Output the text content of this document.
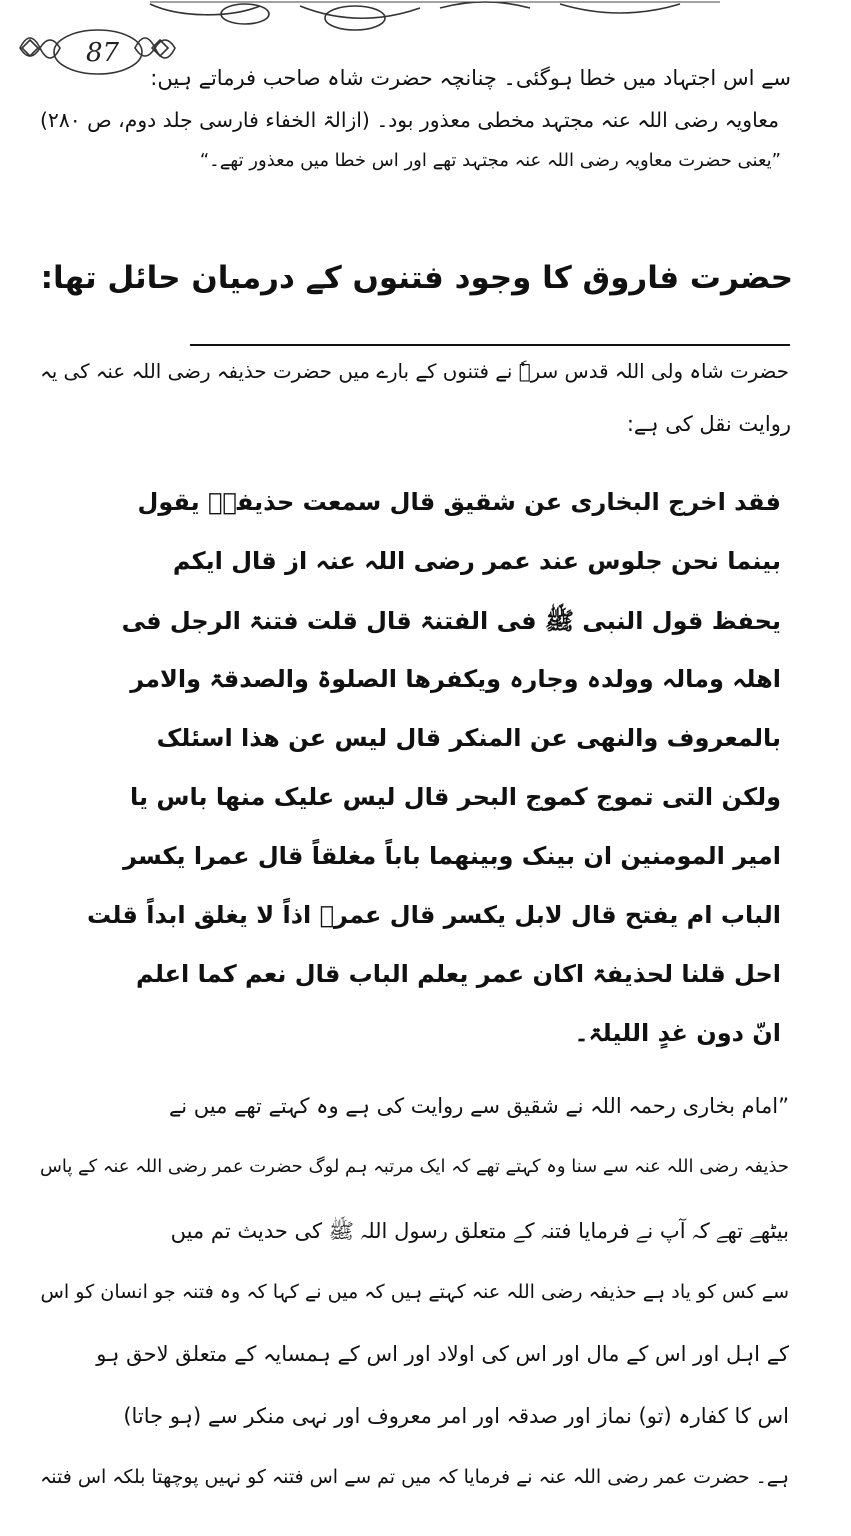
87
سے اس اجتہاد میں خطا ہوگئی۔ چنانچہ حضرت شاہ صاحب فرماتے ہیں:
معاویہ رضی اللہ عنہ مجتہد مخطی معذور بود۔ (ازالۃ الخفاء فارسی جلد دوم، ص ۲۸۰)
”یعنی حضرت معاویہ رضی اللہ عنہ مجتہد تھے اور اس خطا میں معذور تھے۔“
حضرت فاروق کا وجود فتنوں کے درمیان حائل تھا:
حضرت شاہ ولی اللہ قدس سرہٗ نے فتنوں کے بارے میں حضرت حذیفہ رضی اللہ عنہ کی یہ
روایت نقل کی ہے:
فقد اخرج البخاری عن شقیق قال سمعت حذیفۃؓ یقول
بینما نحن جلوس عند عمر رضی اللہ عنہ از قال ایکم
یحفظ قول النبی ﷺ فی الفتنۃ قال قلت فتنۃ الرجل فی
اھلہ ومالہ وولدہ وجارہ ویکفرھا الصلوۃ والصدقۃ والامر
بالمعروف والنھی عن المنکر قال لیس عن ھذا اسئلک
ولکن التی تموج کموج البحر قال لیس علیک منھا باس یا
امیر المومنین ان بینک وبینھما باباً مغلقاً قال عمرا یکسر
الباب ام یفتح قال لابل یکسر قال عمرؓ اذاً لا یغلق ابداً قلت
احل قلنا لحذیفۃ اکان عمر یعلم الباب قال نعم کما اعلم
انّ دون غدٍ اللیلۃ۔
”امام بخاری رحمہ اللہ نے شقیق سے روایت کی ہے وہ کہتے تھے میں نے
حذیفہ رضی اللہ عنہ سے سنا وہ کہتے تھے کہ ایک مرتبہ ہم لوگ حضرت عمر رضی اللہ عنہ کے پاس
بیٹھے تھے کہ آپ نے فرمایا فتنہ کے متعلق رسول اللہ ﷺ کی حدیث تم میں
سے کس کو یاد ہے حذیفہ رضی اللہ عنہ کہتے ہیں کہ میں نے کہا کہ وہ فتنہ جو انسان کو اس
کے اہل اور اس کے مال اور اس کی اولاد اور اس کے ہمسایہ کے متعلق لاحق ہو
اس کا کفارہ (تو) نماز اور صدقہ اور امر معروف اور نہی منکر سے (ہو جاتا)
ہے۔ حضرت عمر رضی اللہ عنہ نے فرمایا کہ میں تم سے اس فتنہ کو نہیں پوچھتا بلکہ اس فتنہ
